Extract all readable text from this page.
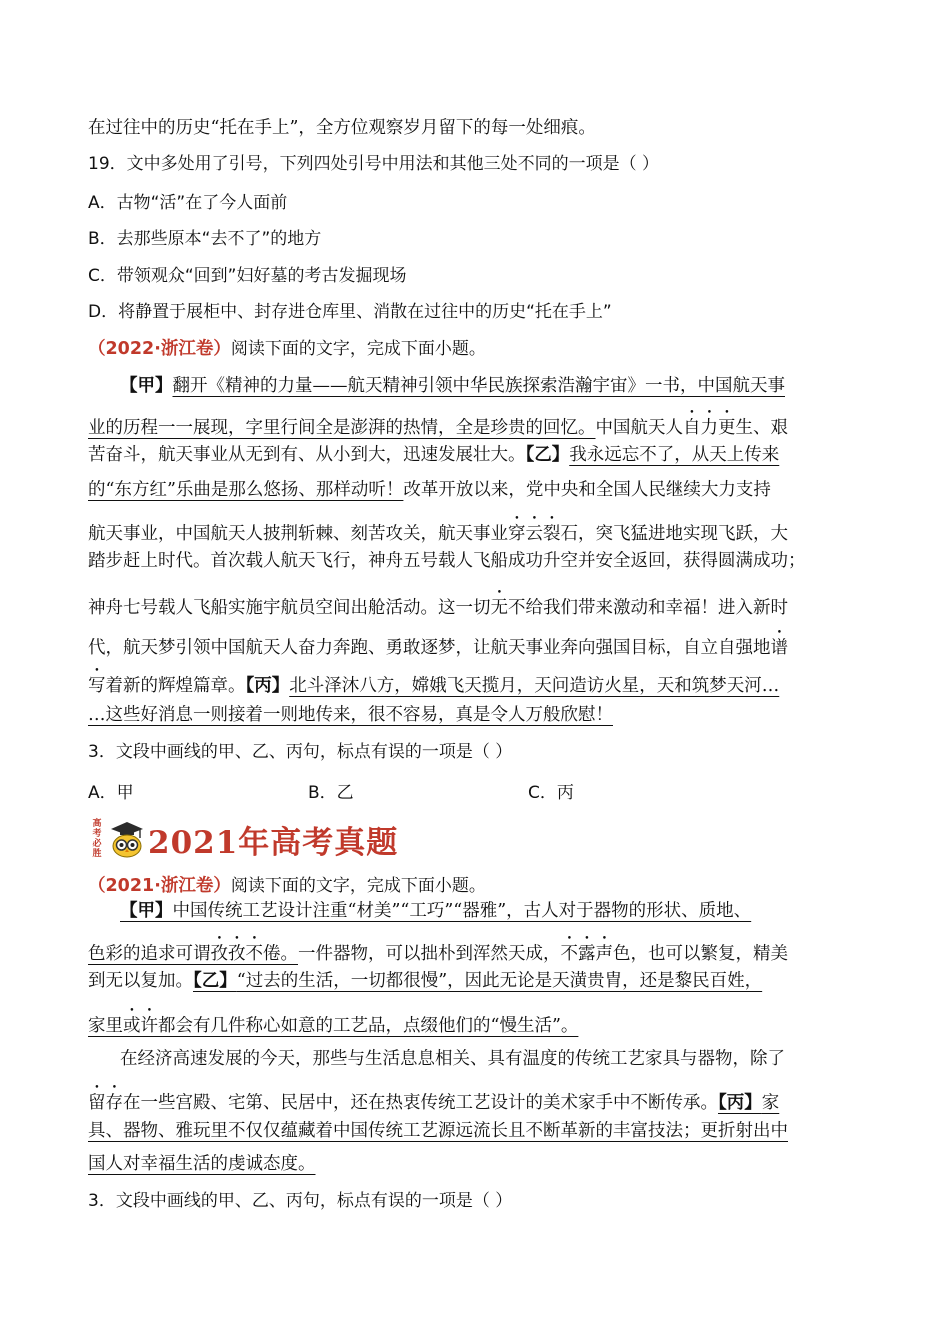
在过往中的历史“托在手上”，全方位观察岁月留下的每一处细痕。
19．文中多处用了引号，下列四处引号中用法和其他三处不同的一项是（ ）
A．古物“活”在了今人面前
B．去那些原本“去不了”的地方
C．带领观众“回到”妇好墓的考古发掘现场
D．将静置于展柜中、封存进仓库里、消散在过往中的历史“托在手上”
（2022·浙江卷）阅读下面的文字，完成下面小题。
【甲】翻开《精神的力量——航天精神引领中华民族探索浩瀚宇宙》一书，中国航天事
业的历程一一展现，字里行间全是澎湃的热情，全是珍贵的回忆。中国航天人自力更生、艰
苦奋斗，航天事业从无到有、从小到大，迅速发展壮大。【乙】我永远忘不了，从天上传来
的“东方红”乐曲是那么悠扬、那样动听！改革开放以来，党中央和全国人民继续大力支持
航天事业，中国航天人披荆斩棘、刻苦攻关，航天事业穿云裂石，突飞猛进地实现飞跃，大
踏步赶上时代。首次载人航天飞行，神舟五号载人飞船成功升空并安全返回，获得圆满成功；
神舟七号载人飞船实施宇航员空间出舱活动。这一切无不给我们带来激动和幸福！进入新时
代，航天梦引领中国航天人奋力奔跑、勇敢逐梦，让航天事业奔向强国目标，自立自强地谱
写着新的辉煌篇章。【丙】北斗泽沐八方，嫦娥飞天揽月，天问造访火星，天和筑梦天河…
…这些好消息一则接着一则地传来，很不容易，真是令人万般欣慰！
3．文段中画线的甲、乙、丙句，标点有误的一项是（ ）
A．甲	B．乙	C．丙
高
考
必
胜 2021年高考真题
（2021·浙江卷）阅读下面的文字，完成下面小题。
【甲】中国传统工艺设计注重“材美”“工巧”“器雅”，古人对于器物的形状、质地、
色彩的追求可谓孜孜不倦。一件器物，可以拙朴到浑然天成，不露声色，也可以繁复，精美
到无以复加。【乙】“过去的生活，一切都很慢”，因此无论是天潢贵胄，还是黎民百姓，
家里或许都会有几件称心如意的工艺品，点缀他们的“慢生活”。
在经济高速发展的今天，那些与生活息息相关、具有温度的传统工艺家具与器物，除了
留存在一些宫殿、宅第、民居中，还在热衷传统工艺设计的美术家手中不断传承。【丙】家
具、器物、雅玩里不仅仅蕴藏着中国传统工艺源远流长且不断革新的丰富技法；更折射出中
国人对幸福生活的虔诚态度。
3．文段中画线的甲、乙、丙句，标点有误的一项是（ ）
